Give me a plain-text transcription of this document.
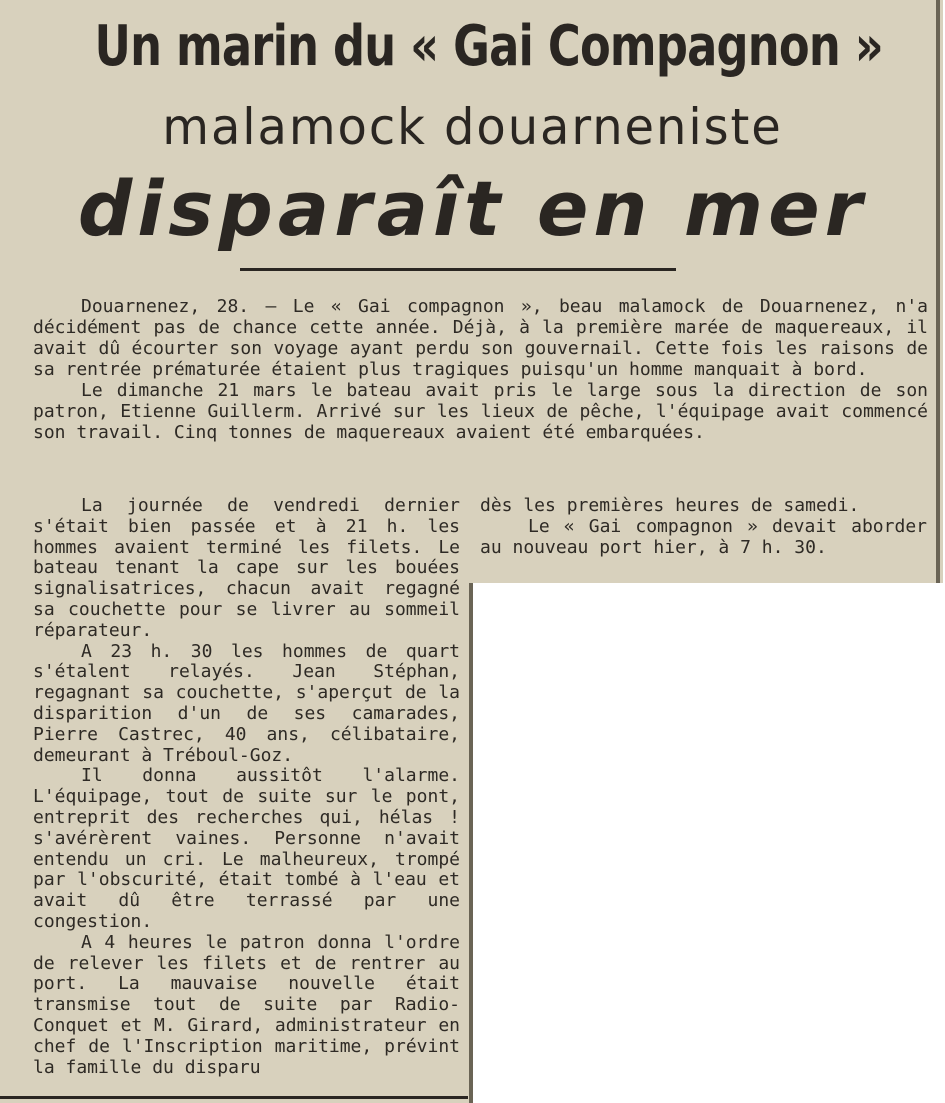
Un marin du « Gai Compagnon »
malamock douarneniste
disparaît en mer

Douarnenez, 28. — Le « Gai compagnon », beau malamock de Douarnenez, n'a décidément pas de chance cette année. Déjà, à la première marée de maquereaux, il avait dû écourter son voyage ayant perdu son gouvernail. Cette fois les raisons de sa rentrée prématurée étaient plus tragiques puisqu'un homme manquait à bord.

Le dimanche 21 mars le bateau avait pris le large sous la direction de son patron, Etienne Guillerm. Arrivé sur les lieux de pêche, l'équipage avait commencé son travail. Cinq tonnes de maquereaux avaient été embarquées.

La journée de vendredi dernier s'était bien passée et à 21 h. les hommes avaient terminé les filets. Le bateau tenant la cape sur les bouées signalisatrices, chacun avait regagné sa couchette pour se livrer au sommeil réparateur.

A 23 h. 30 les hommes de quart s'étalent relayés. Jean Stéphan, regagnant sa couchette, s'aperçut de la disparition d'un de ses camarades, Pierre Castrec, 40 ans, célibataire, demeurant à Tréboul-Goz.

Il donna aussitôt l'alarme. L'équipage, tout de suite sur le pont, entreprit des recherches qui, hélas ! s'avérèrent vaines. Personne n'avait entendu un cri. Le malheureux, trompé par l'obscurité, était tombé à l'eau et avait dû être terrassé par une congestion.

A 4 heures le patron donna l'ordre de relever les filets et de rentrer au port. La mauvaise nouvelle était transmise tout de suite par Radio-Conquet et M. Girard, administrateur en chef de l'Inscription maritime, prévint la famille du disparu

dès les premières heures de samedi.

Le « Gai compagnon » devait aborder au nouveau port hier, à 7 h. 30.
